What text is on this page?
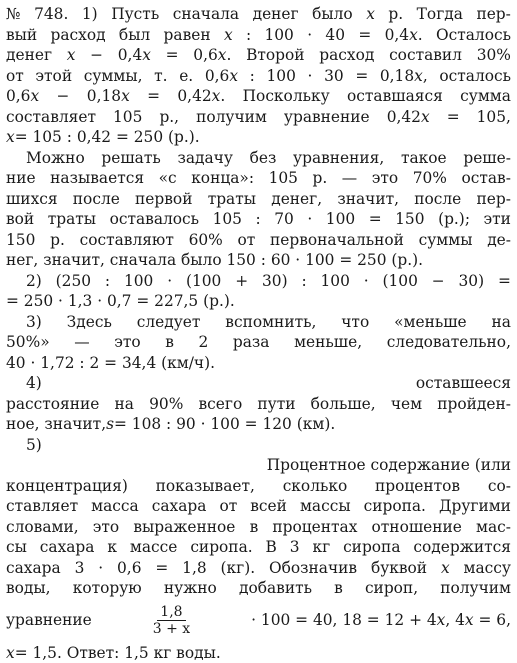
№ 748. 1) Пусть сначала денег было x р. Тогда пер-
вый расход был равен x : 100 · 40 = 0,4x. Осталось
денег x − 0,4x = 0,6x. Второй расход составил 30%
от этой суммы, т. е. 0,6x : 100 · 30 = 0,18x, осталось
0,6x − 0,18x = 0,42x. Поскольку оставшаяся сумма
составляет 105 р., получим уравнение 0,42x = 105,
x = 105 : 0,42 = 250 (р.).
Можно решать задачу без уравнения, такое реше-
ние называется «с конца»: 105 р. — это 70% остав-
шихся после первой траты денег, значит, после пер-
вой траты оставалось 105 : 70 · 100 = 150 (р.); эти
150 р. составляют 60% от первоначальной суммы де-
нег, значит, сначала было 150 : 60 · 100 = 250 (р.).
2) (250 : 100 · (100 + 30) : 100 · (100 − 30) =
= 250 · 1,3 · 0,7 = 227,5 (р.).
3) Здесь следует вспомнить, что «меньше на
50%» — это в 2 раза меньше, следовательно,
40 · 1,72 : 2 = 34,4 (км/ч).
4)	оставшееся
расстояние на 90% всего пути больше, чем пройден-
ное, значит, s = 108 : 90 · 100 = 120 (км).
5)
Процентное содержание (или
концентрация) показывает, сколько процентов со-
ставляет масса сахара от всей массы сиропа. Другими
словами, это выраженное в процентах отношение мас-
сы сахара к массе сиропа. В 3 кг сиропа содержится
сахара 3 · 0,6 = 1,8 (кг). Обозначив буквой x массу
воды, которую нужно добавить в сироп, получим
уравнение	$\frac{1,8}{3 + x}$	· 100 = 40, 18 = 12 + 4x, 4x = 6,
x = 1,5. Ответ: 1,5 кг воды.
